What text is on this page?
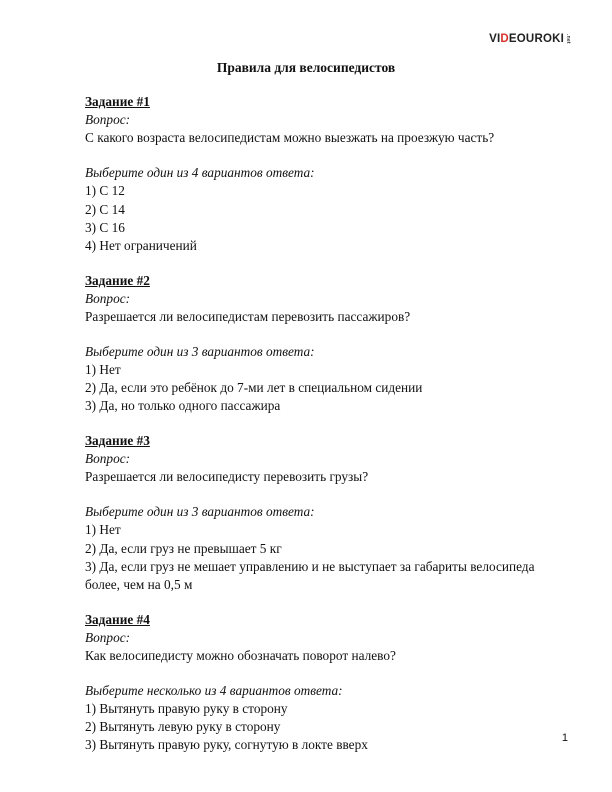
VI D EOUROKI .net
Правила для велосипедистов
Задание #1
Вопрос:
С какого возраста велосипедистам можно выезжать на проезжую часть?
Выберите один из 4 вариантов ответа:
1) С 12
2) С 14
3) С 16
4) Нет ограничений
Задание #2
Вопрос:
Разрешается ли велосипедистам перевозить пассажиров?
Выберите один из 3 вариантов ответа:
1) Нет
2) Да, если это ребёнок до 7-ми лет в специальном сидении
3) Да, но только одного пассажира
Задание #3
Вопрос:
Разрешается ли велосипедисту перевозить грузы?
Выберите один из 3 вариантов ответа:
1) Нет
2) Да, если груз не превышает 5 кг
3) Да, если груз не мешает управлению и не выступает за габариты велосипеда более, чем на 0,5 м
Задание #4
Вопрос:
Как велосипедисту можно обозначать поворот налево?
Выберите несколько из 4 вариантов ответа:
1) Вытянуть правую руку в сторону
2) Вытянуть левую руку в сторону
3) Вытянуть правую руку, согнутую в локте вверх	1
